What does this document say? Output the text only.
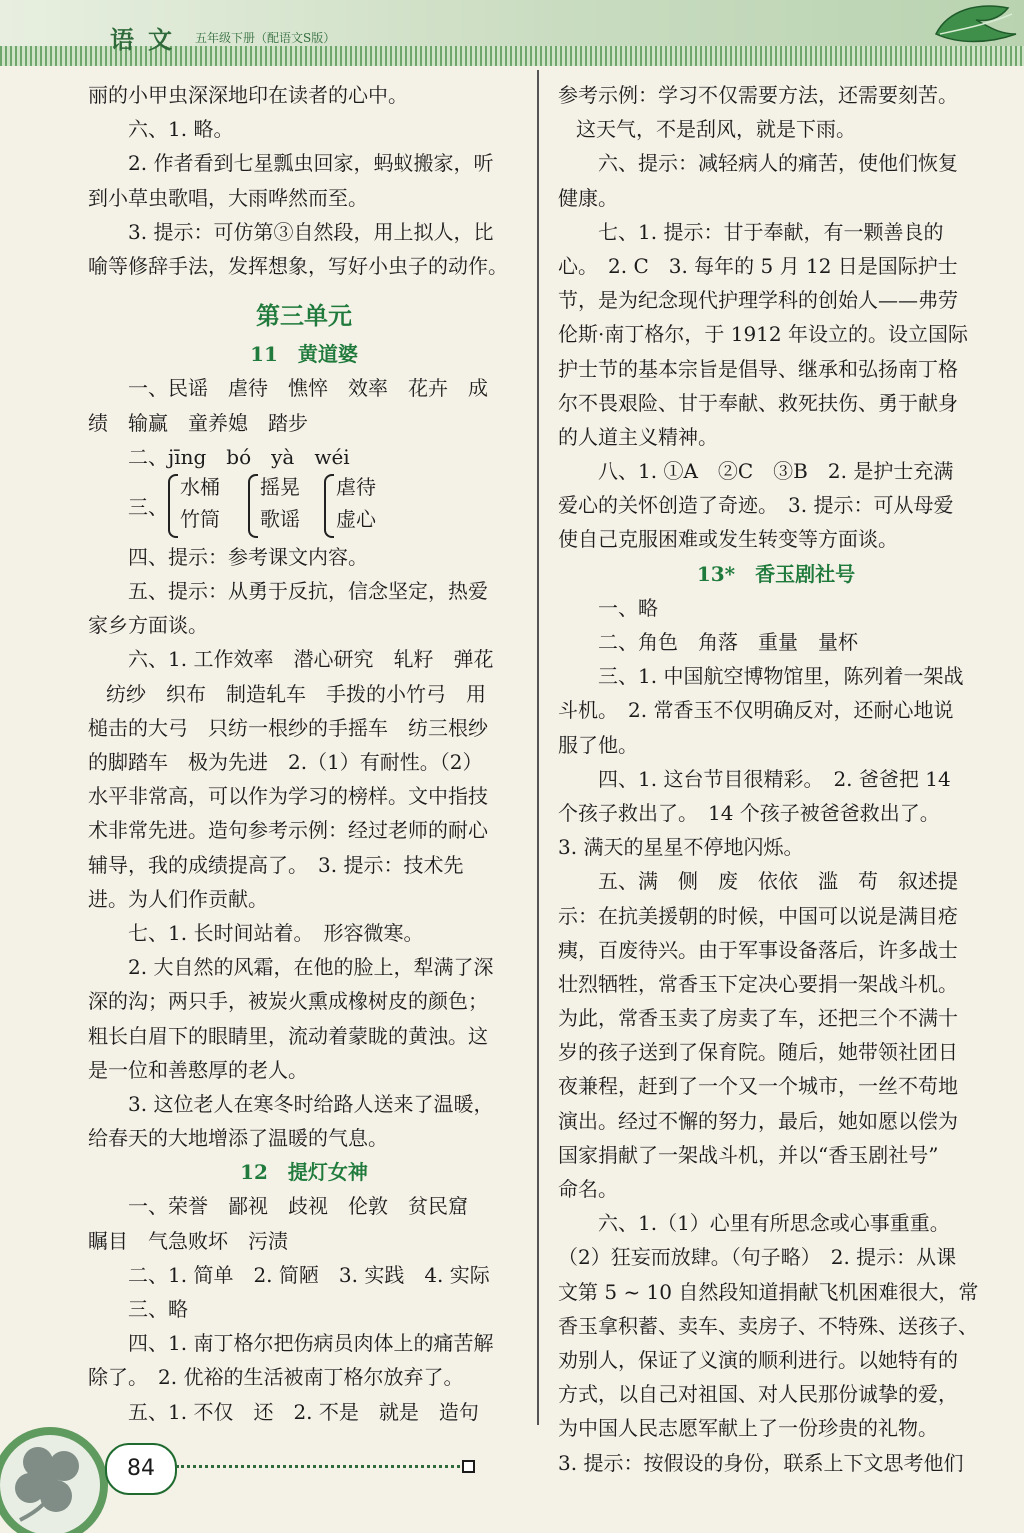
语文 五年级下册（配语文S版）
丽的小甲虫深深地印在读者的心中。
六、1. 略。
2. 作者看到七星瓢虫回家，蚂蚁搬家，听
到小草虫歌唱，大雨哗然而至。
3. 提示：可仿第③自然段，用上拟人，比
喻等修辞手法，发挥想象，写好小虫子的动作。
第三单元
11　黄道婆
一、民谣　虐待　憔悴　效率　花卉　成
绩　输赢　童养媳　踏步
二、jīng　bó　yà　wéi
三、
水桶
竹筒
摇晃
歌谣
虐待
虚心
四、提示：参考课文内容。
五、提示：从勇于反抗，信念坚定，热爱
家乡方面谈。
六、1. 工作效率　潜心研究　轧籽　弹花
纺纱　织布　制造轧车　手拨的小竹弓　用
槌击的大弓　只纺一根纱的手摇车　纺三根纱
的脚踏车　极为先进　2.（1）有耐性。（2）
水平非常高，可以作为学习的榜样。文中指技
术非常先进。造句参考示例：经过老师的耐心
辅导，我的成绩提高了。　3. 提示：技术先
进。为人们作贡献。
七、1. 长时间站着。　形容微寒。
2. 大自然的风霜，在他的脸上，犁满了深
深的沟；两只手，被炭火熏成橡树皮的颜色；
粗长白眉下的眼睛里，流动着蒙眬的黄浊。这
是一位和善憨厚的老人。
3. 这位老人在寒冬时给路人送来了温暖，
给春天的大地增添了温暖的气息。
12　提灯女神
一、荣誉　鄙视　歧视　伦敦　贫民窟
瞩目　气急败坏　污渍
二、1. 简单　2. 简陋　3. 实践　4. 实际
三、略
四、1. 南丁格尔把伤病员肉体上的痛苦解
除了。　2. 优裕的生活被南丁格尔放弃了。
五、1. 不仅　还　2. 不是　就是　造句
参考示例：学习不仅需要方法，还需要刻苦。
这天气，不是刮风，就是下雨。
六、提示：减轻病人的痛苦，使他们恢复
健康。
七、1. 提示：甘于奉献，有一颗善良的
心。　2. C　3. 每年的 5 月 12 日是国际护士
节，是为纪念现代护理学科的创始人——弗劳
伦斯·南丁格尔，于 1912 年设立的。设立国际
护士节的基本宗旨是倡导、继承和弘扬南丁格
尔不畏艰险、甘于奉献、救死扶伤、勇于献身
的人道主义精神。
八、1. ①A　②C　③B　2. 是护士充满
爱心的关怀创造了奇迹。　3. 提示：可从母爱
使自己克服困难或发生转变等方面谈。
13*　香玉剧社号
一、略
二、角色　角落　重量　量杯
三、1. 中国航空博物馆里，陈列着一架战
斗机。　2. 常香玉不仅明确反对，还耐心地说
服了他。
四、1. 这台节目很精彩。　2. 爸爸把 14
个孩子救出了。　14 个孩子被爸爸救出了。
3. 满天的星星不停地闪烁。
五、满　侧　废　依依　滥　苟　叙述提
示：在抗美援朝的时候，中国可以说是满目疮
痍，百废待兴。由于军事设备落后，许多战士
壮烈牺牲，常香玉下定决心要捐一架战斗机。
为此，常香玉卖了房卖了车，还把三个不满十
岁的孩子送到了保育院。随后，她带领社团日
夜兼程，赶到了一个又一个城市，一丝不苟地
演出。经过不懈的努力，最后，她如愿以偿为
国家捐献了一架战斗机，并以“香玉剧社号”
命名。
六、1.（1）心里有所思念或心事重重。
（2）狂妄而放肆。（句子略）　2. 提示：从课
文第 5 ~ 10 自然段知道捐献飞机困难很大，常
香玉拿积蓄、卖车、卖房子、不特殊、送孩子、
劝别人，保证了义演的顺利进行。以她特有的
方式，以自己对祖国、对人民那份诚挚的爱，
为中国人民志愿军献上了一份珍贵的礼物。
3. 提示：按假设的身份，联系上下文思考他们
84
